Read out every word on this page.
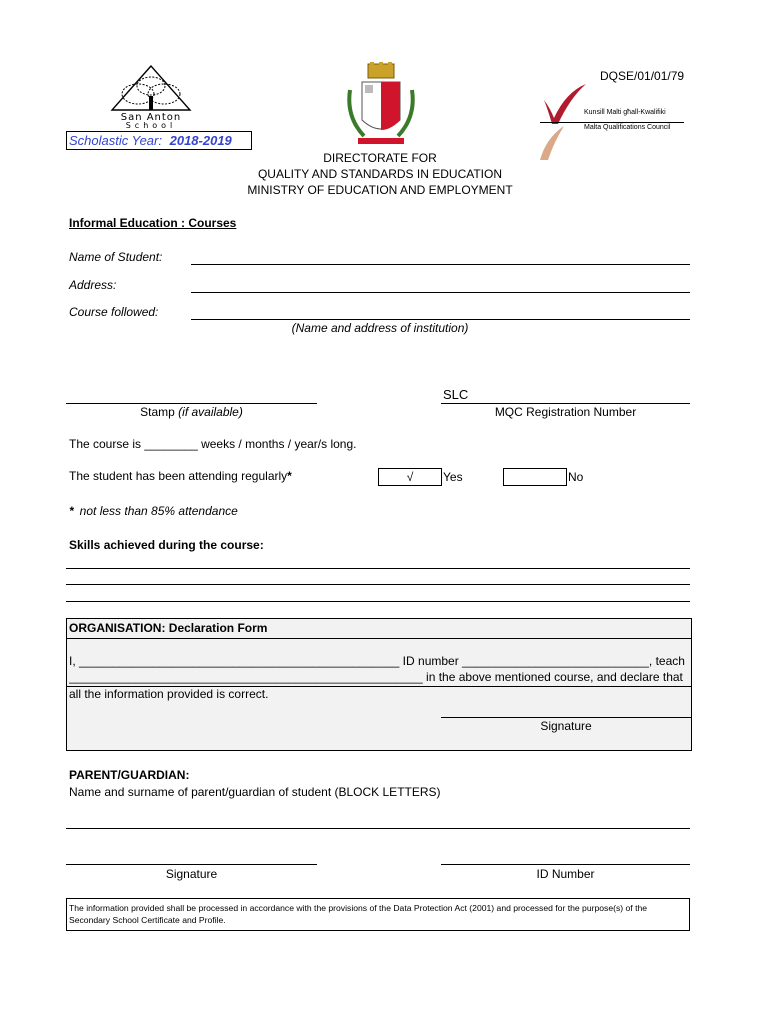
San Anton
School
Scholastic Year: 2018-2019
Kunsill Malti għall-Kwalifiki
Malta Qualifications Council
DQSE/01/01/79
DIRECTORATE FOR
QUALITY AND STANDARDS IN EDUCATION
MINISTRY OF EDUCATION AND EMPLOYMENT
Informal Education : Courses
Name of Student:
Address:
Course followed:
(Name and address of institution)
Stamp (if available)
SLC
MQC Registration Number
The course is ________ weeks / months / year/s long.
The student has been attending regularly*	√	Yes	No
* not less than 85% attendance
Skills achieved during the course:
ORGANISATION: Declaration Form
I, ________________________________________________ ID number ____________________________, teach
_____________________________________________________ in the above mentioned course, and declare that
all the information provided is correct.
Signature
PARENT/GUARDIAN:
Name and surname of parent/guardian of student (BLOCK LETTERS)
Signature	ID Number
The information provided shall be processed in accordance with the provisions of the Data Protection Act (2001) and processed for the purpose(s) of the Secondary School Certificate and Profile.
